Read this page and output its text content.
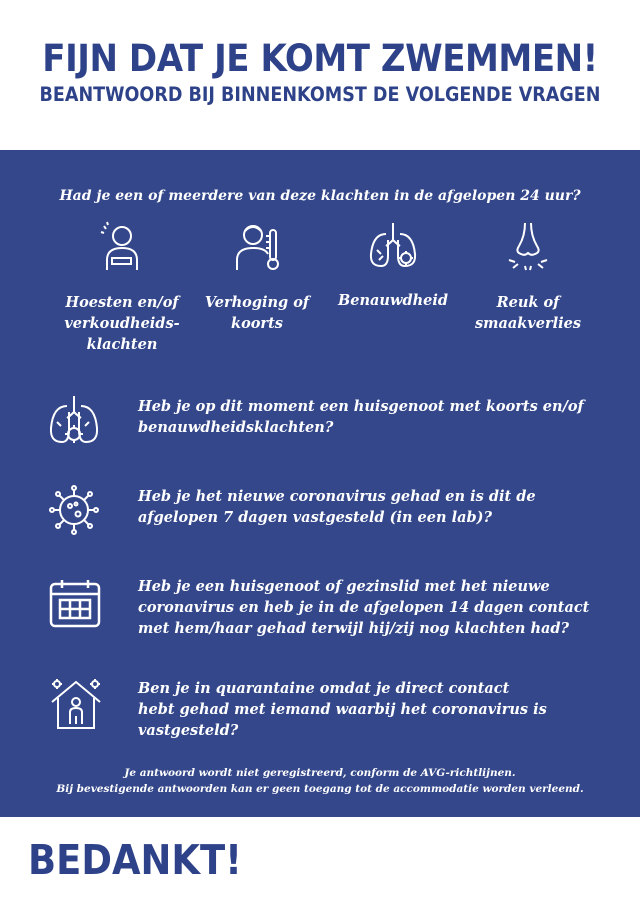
FIJN DAT JE KOMT ZWEMMEN!
BEANTWOORD BIJ BINNENKOMST DE VOLGENDE VRAGEN
Had je een of meerdere van deze klachten in de afgelopen 24 uur?
Hoesten en/of
verkoudheids-
klachten
Verhoging of
koorts
Benauwdheid	Reuk of
smaakverlies
Heb je op dit moment een huisgenoot met koorts en/of
benauwdheidsklachten?
Heb je het nieuwe coronavirus gehad en is dit de
afgelopen 7 dagen vastgesteld (in een lab)?
Heb je een huisgenoot of gezinslid met het nieuwe
coronavirus en heb je in de afgelopen 14 dagen contact
met hem/haar gehad terwijl hij/zij nog klachten had?
Ben je in quarantaine omdat je direct contact
hebt gehad met iemand waarbij het coronavirus is
vastgesteld?
Je antwoord wordt niet geregistreerd, conform de AVG-richtlijnen.
Bij bevestigende antwoorden kan er geen toegang tot de accommodatie worden verleend.
BEDANKT!
